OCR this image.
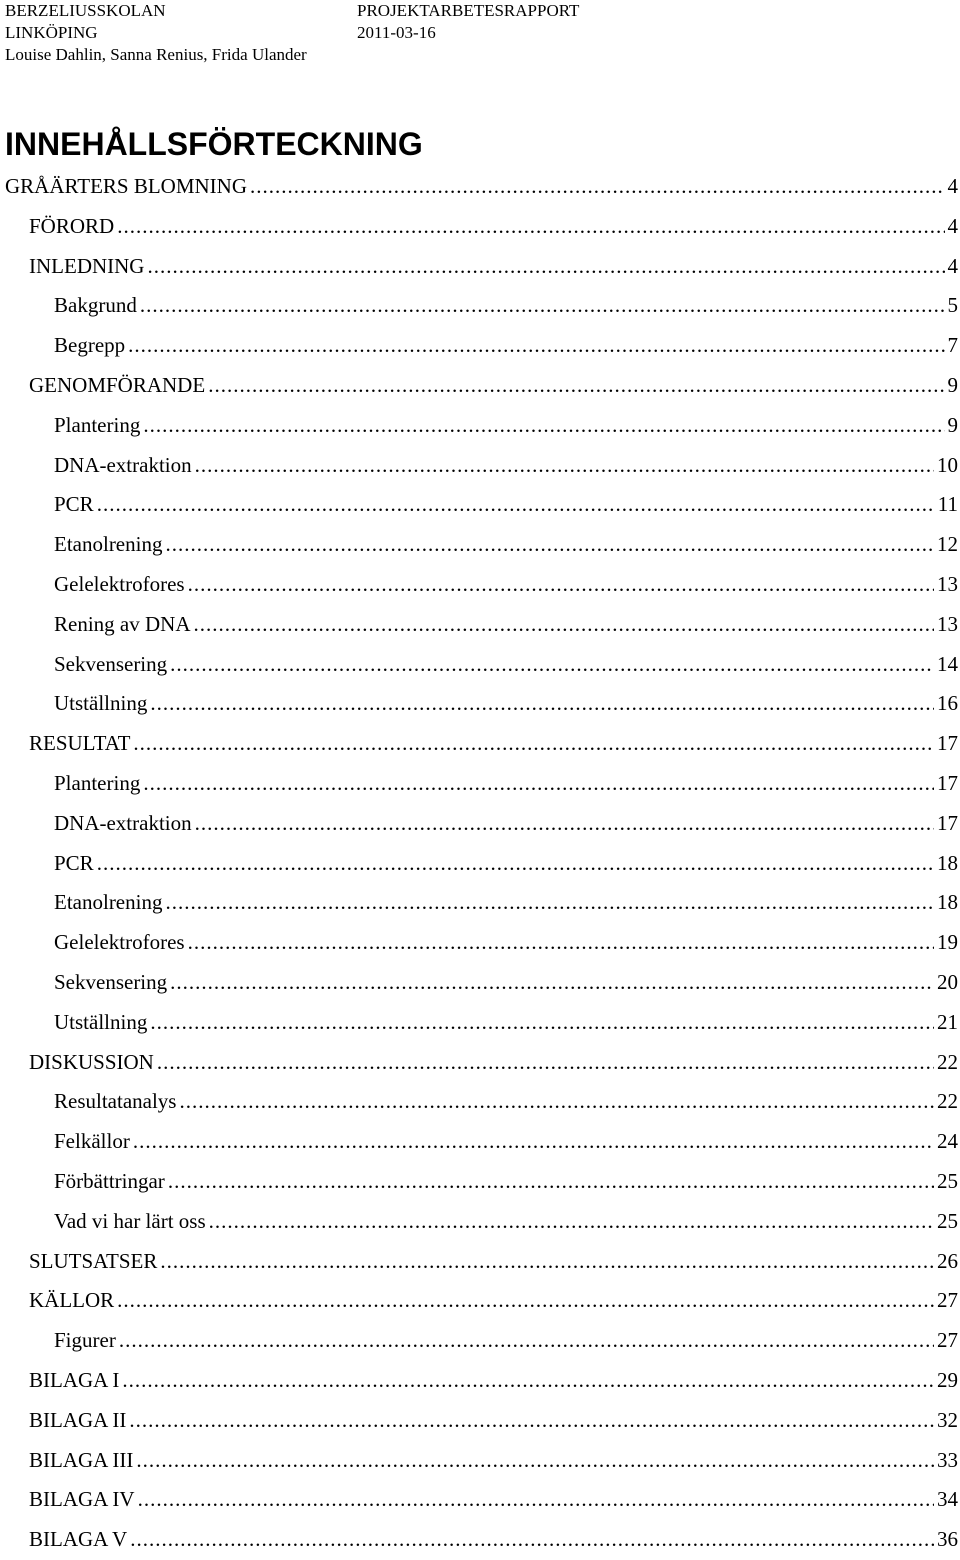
BERZELIUSSKOLAN
LINKÖPING
Louise Dahlin, Sanna Renius, Frida Ulander
PROJEKTARBETESRAPPORT
2011-03-16
INNEHÅLLSFÖRTECKNING
GRÅÄRTERS BLOMNING .....	4
FÖRORD .....	4
INLEDNING .....	4
Bakgrund .....	5
Begrepp .....	7
GENOMFÖRANDE .....	9
Plantering .....	9
DNA-extraktion .....	10
PCR .....	11
Etanolrening .....	12
Gelelektrofores .....	13
Rening av DNA .....	13
Sekvensering .....	14
Utställning .....	16
RESULTAT .....	17
Plantering .....	17
DNA-extraktion .....	17
PCR .....	18
Etanolrening .....	18
Gelelektrofores .....	19
Sekvensering .....	20
Utställning .....	21
DISKUSSION .....	22
Resultatanalys .....	22
Felkällor .....	24
Förbättringar .....	25
Vad vi har lärt oss .....	25
SLUTSATSER .....	26
KÄLLOR .....	27
Figurer .....	27
BILAGA I .....	29
BILAGA II .....	32
BILAGA III .....	33
BILAGA IV .....	34
BILAGA V .....	36
